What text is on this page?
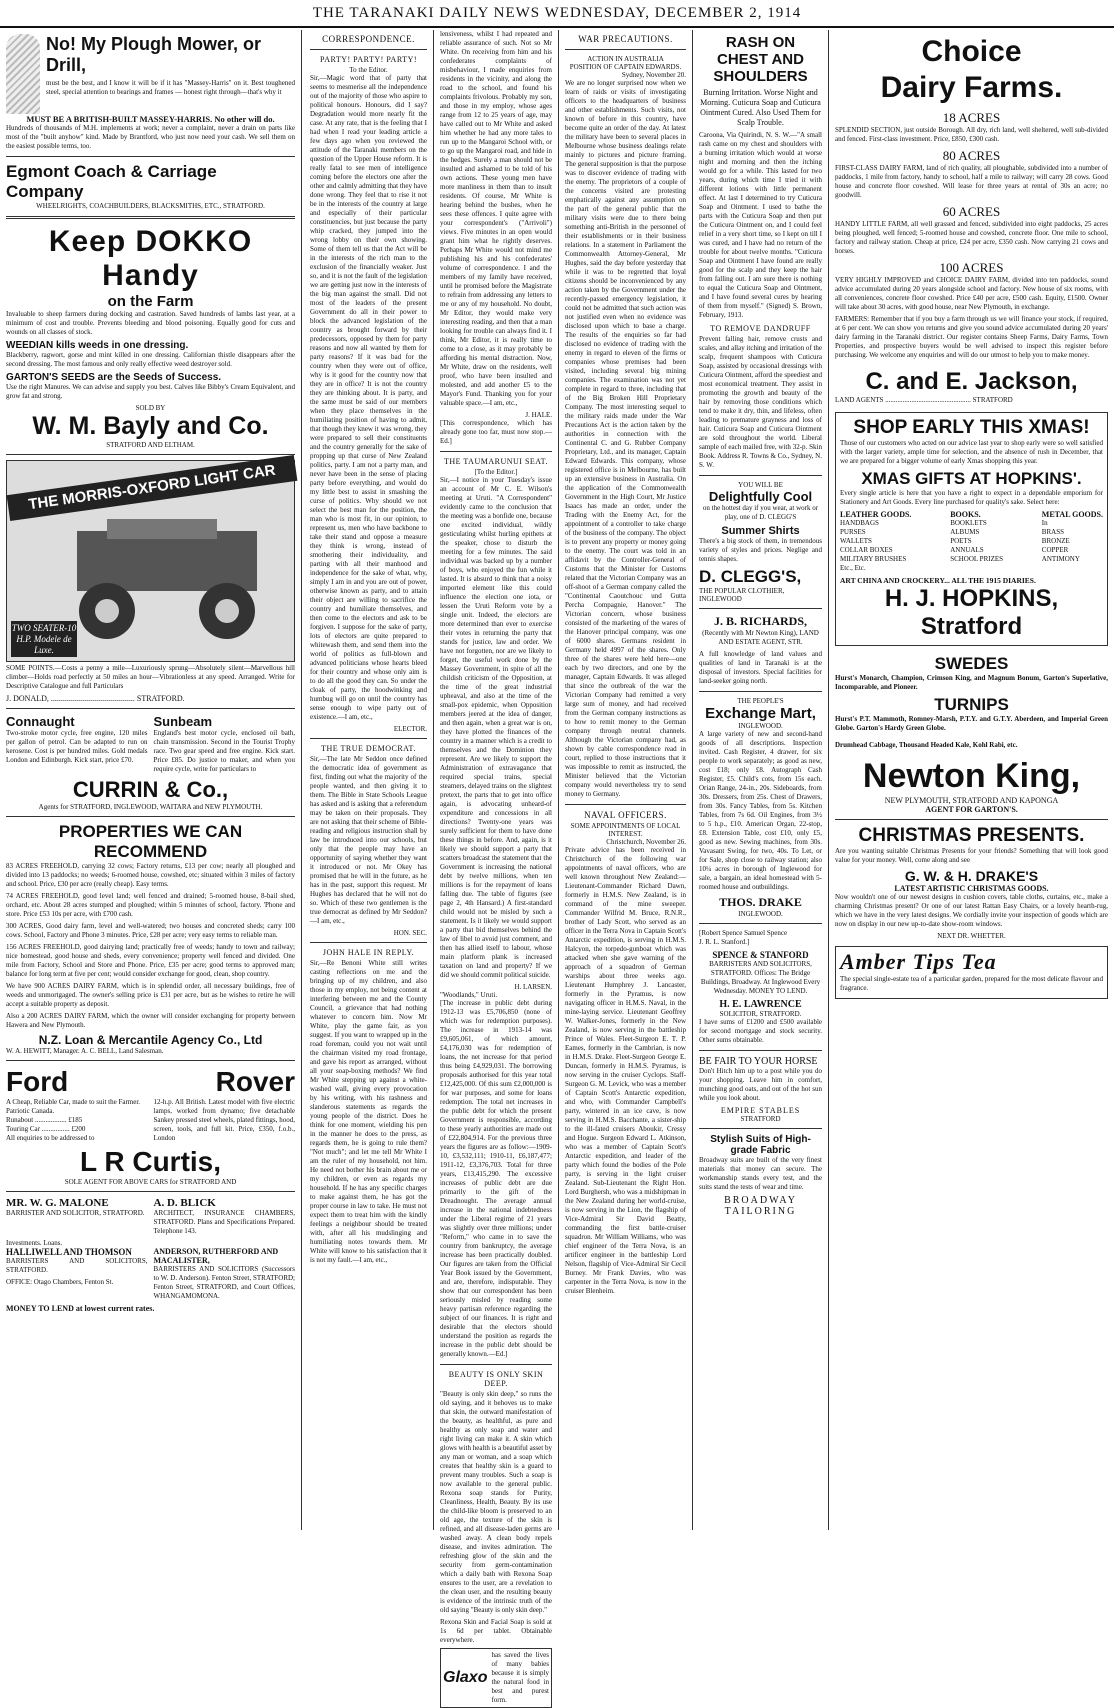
THE TARANAKI DAILY NEWS WEDNESDAY, DECEMBER 2, 1914
No! My Plough Mower, or Drill,
must be the best, and I know it will be if it has "Massey-Harris" on it. Best toughened steel, special attention to bearings and frames — honest right through—that's why it
MUST BE A BRITISH-BUILT MASSEY-HARRIS. No other will do.
Hundreds of thousands of M.H. implements at work; never a complaint, never a drain on parts like most of the "built anyhow" kind. Made by Brantford, who just now need your cash. We sell them on the easiest possible terms, too.
Egmont Coach & Carriage Company
WHEELRIGHTS, COACHBUILDERS, BLACKSMITHS, ETC., STRATFORD.
Keep DOKKO Handy
on the Farm
Invaluable to sheep farmers during docking and castration. Saved hundreds of lambs last year, at a minimum of cost and trouble. Prevents bleeding and blood poisoning. Equally good for cuts and wounds on all classes of stock.
WEEDIAN kills weeds in one dressing.
Blackberry, ragwort, gorse and mint killed in one dressing. Californian thistle disappears after the second dressing. The most famous and only really effective weed destroyer sold.
GARTON'S SEEDS are the Seeds of Success.
Use the right Manures. We can advise and supply you best. Calves like Bibby's Cream Equivalent, and grow fat and strong.
SOLD BY
W. M. Bayly and Co.
STRATFORD AND ELTHAM.
THE MORRIS-OXFORD LIGHT CAR
TWO SEATER-10 H.P. Modele de Luxe.
SOME POINTS.—Costs a penny a mile—Luxuriously sprung—Absolutely silent—Marvellous hill climber—Holds road perfectly at 50 miles an hour—Vibrationless at any speed. Arranged. Write for Descriptive Catalogue and full Particulars
J. DONALD, .......................................... STRATFORD.
Connaught
Two-stroke motor cycle, free engine, 120 miles per gallon of petrol. Can be adapted to run on kerosene. Cost is per hundred miles. Gold medals London and Edinburgh. Kick start, price £70.
Sunbeam
England's best motor cycle, enclosed oil bath, chain transmission. Second in the Tourist Trophy race. Two gear speed and free engine. Kick start. Price £85. Do justice to maker, and when you require cycle, write for particulars to
CURRIN & Co.,
Agents for STRATFORD, INGLEWOOD, WAITARA and NEW PLYMOUTH.
PROPERTIES WE CAN RECOMMEND
83 ACRES FREEHOLD, carrying 32 cows; Factory returns, £13 per cow; nearly all ploughed and divided into 13 paddocks; no weeds; 6-roomed house, cowshed, etc; situated within 3 miles of factory and school. Price, £30 per acre (really cheap). Easy terms.
74 ACRES FREEHOLD, good level land; well fenced and drained; 5-roomed house, 8-bail shed, orchard, etc. About 28 acres stumped and ploughed; within 5 minutes of school, factory. 'Phone and store. Price £53 10s per acre, with £700 cash.
300 ACRES, Good dairy farm, level and well-watered; two houses and concreted sheds; carry 100 cows. School, Factory and Phone 3 minutes. Price, £28 per acre; very easy terms to reliable man.
156 ACRES FREEHOLD, good dairying land; practically free of weeds; handy to town and railway; nice homestead, good house and sheds, every convenience; property well fenced and divided. One mile from Factory, School and Store and Phone. Price, £35 per acre; good terms to approved man; balance for long term at five per cent; would consider exchange for good, clean, shop country.
We have 900 ACRES DAIRY FARM, which is in splendid order, all necessary buildings, free of weeds and unmortgaged. The owner's selling price is £31 per acre, but as he wishes to retire he will accept a suitable property as deposit.
Also a 200 ACRES DAIRY FARM, which the owner will consider exchanging for property between Hawera and New Plymouth.
N.Z. Loan & Mercantile Agency Co., Ltd
W. A. HEWITT, Manager. A. C. BELL, Land Salesman.
Ford	Rover
A Cheap, Reliable Car, made to suit the Farmer.
Patriotic Canada.
Runabout .................. £185
Touring Car ................ £200
All enquiries to be addressed to
12-h.p. All British. Latest model with five electric lamps, worked from dynamo; five detachable Sankey pressed steel wheels, plated fittings, hood, screen, tools, and full kit. Price, £350, f.o.b., London
L R Curtis,
SOLE AGENT FOR ABOVE CARS for STRATFORD AND
MR. W. G. MALONE
BARRISTER AND SOLICITOR, STRATFORD.
A. D. BLICK
ARCHITECT, INSURANCE CHAMBERS, STRATFORD. Plans and Specifications Prepared. Telephone 143.
Investments. Loans.
HALLIWELL AND THOMSON
BARRISTERS AND SOLICITORS, STRATFORD.
OFFICE: Otago Chambers, Fenton St.
ANDERSON, RUTHERFORD AND MACALISTER,
BARRISTERS AND SOLICITORS (Successors to W. D. Anderson). Fenton Street, STRATFORD; Fenton Street, STRATFORD, and Court Offices, WHANGAMOMONA.
MONEY TO LEND at lowest current rates.
CORRESPONDENCE.
PARTY! PARTY! PARTY!
To the Editor.
Sir,—Magic word that of party that seems to mesmerise all the independence out of the majority of those who aspire to political honours. Honours, did I say? Degradation would more nearly fit the case. At any rate, that is the feeling that I had when I read your leading article a few days ago when you reviewed the attitude of the Taranaki members on the question of the Upper House reform. It is really fatal to see men of intelligence coming before the electors one after the other and calmly admitting that they have done wrong. They feel that to rise it not be in the interests of the country at large and especially of their particular constituencies, but just because the party whip cracked, they jumped into the wrong lobby on their own showing. Some of them tell us that the Act will be in the interests of the rich man to the exclusion of the financially weaker. Just so, and it is not the fault of the legislation we are getting just now in the interests of the big man against the small. Did not most of the leaders of the present Government do all in their power to block the advanced legislation of the country as brought forward by their predecessors, opposed by them for party reasons and now all wanted by them for party reasons? If it was bad for the country when they were out of office, why is it good for the country now that they are in office? It is not the country they are thinking about. It is party, and the same must be said of our members when they place themselves in the humiliating position of having to admit, that though they knew it was wrong, they were prepared to sell their constituents and the country generally for the sake of propping up that curse of New Zealand politics, party. I am not a party man, and never have been in the sense of placing party before everything, and would do my little best to assist in smashing the curse of politics. Why should we not select the best man for the position, the man who is most fit, in our opinion, to represent us, men who have backbone to take their stand and oppose a measure they think is wrong, instead of smothering their individuality, and parting with all their manhood and independence for the sake of what, why, simply I am in and you are out of power, otherwise known as party, and to attain their object are willing to sacrifice the country and humiliate themselves, and then come to the electors and ask to be forgiven. I suppose for the sake of party, lots of electors are quite prepared to whitewash them, and send them into the world of politics as full-blown and advanced politicians whose hearts bleed for their country and whose only aim is to do all the good they can. So under the cloak of party, the hoodwinking and humbug will go on until the country has sense enough to wipe party out of existence.—I am, etc.,
ELECTOR.
THE TRUE DEMOCRAT.
Sir,—The late Mr Seddon once defined the democratic idea of government as first, finding out what the majority of the people wanted, and then giving it to them. The Bible in State Schools League has asked and is asking that a referendum may be taken on their proposals. They are not asking that their scheme of Bible-reading and religious instruction shall by law be introduced into our schools, but only that the people may have an opportunity of saying whether they want it introduced or not. Mr Okey has promised that he will in the future, as he has in the past, support this request. Mr Hughes has declared that he will not do so. Which of these two gentlemen is the true democrat as defined by Mr Seddon?—I am, etc.,
HON. SEC.
JOHN HALE IN REPLY.
Sir,—Re Benoni White still writes casting reflections on me and the bringing up of my children, and also those in my employ, not being content at interfering between me and the County Council, a grievance that had nothing whatever to concern him. Now Mr White, play the game fair, as you suggest. If you want to wrapped up in the road foreman, could you not wait until the chairman visited my road frontage, and gave his report as arranged, without all your soap-boxing methods? We find Mr White stepping up against a white-washed wall, giving every provocation by his writing, with his rashness and slanderous statements as regards the young people of the district. Does he think for one moment, wielding his pen in the manner he does to the press, as regards them, he is going to rule them? "Not much"; and let me tell Mr White I am the ruler of my household, not him. He need not bother his brain about me or my children, or even as regards my household. If he has any specific charges to make against them, he has got the proper course in law to take. He must not expect them to treat him with the kindly feelings a neighbour should be treated with, after all his mudslinging and humiliating notes towards them. Mr White will know to his satisfaction that it is not my fault.—I am, etc.,
lensiveness, whilst I had repeated and reliable assurance of such. Not so Mr White. On receiving from him and his confederates complaints of misbehaviour, I made enquiries from residents in the vicinity, and along the road to the school, and found his complaints frivolous. Probably my son, and those in my employ, whose ages range from 12 to 25 years of age, may have called out to Mr White and asked him whether he had any more tales to run up to the Mangaroi School with, or to go up the Mangaroi road, and hide in the hedges. Surely a man should not be insulted and ashamed to be told of his own actions. These young men have more manliness in them than to insult residents. Of course, Mr White is hearing behind the bushes, when he sees these offences. I quite agree with your correspondent's ("Arrivoli") views. Five minutes in an open would grant him what he rightly deserves. Perhaps Mr White would not mind me publishing his and his confederates' volume of correspondence. I and the members of my family have received, until he promised before the Magistrate to refrain from addressing any letters to me or any of my household. No doubt, Mr Editor, they would make very interesting reading, and then that a man looking for trouble can always find it. I think, Mr Editor, it is really time to come to a close, as it may probably be affording his mental distraction. Now, Mr White, draw on the residents, well proof, who have been insulted and molested, and add another £5 to the Mayor's Fund. Thanking you for your valuable space.—I am, etc.,
J. HALE.
[This correspondence, which has already gone too far, must now stop.—Ed.]
THE TAUMARUNUI SEAT.
[To the Editor.]
Sir,—I notice in your Tuesday's issue an account of Mr C. E. Wilson's meeting at Uruti. "A Correspondent" evidently came to the conclusion that the meeting was a bonfide one, because one excited individual, wildly gesticulating whilst hurling epithets at the speaker, chose to disturb the meeting for a few minutes. The said individual was backed up by a number of boys, who enjoyed the fun while it lasted. It is absurd to think that a noisy imported element like this could influence the election one iota, or lessen the Uruti Reform vote by a single unit. Indeed, the electors are more determined than ever to exercise their votes in returning the party that stands for justice, law and order. We have not forgotten, nor are we likely to forget, the useful work done by the Massey Government, in spite of all the childish criticism of the Opposition, at the time of the great industrial upheaval, and also at the time of the small-pox epidemic, when Opposition members jeered at the idea of danger, and then again, when a great war is on, they have plotted the finances of the country in a manner which is a credit to themselves and the Dominion they represent. Are we likely to support the Administration of extravagance that required special trains, special steamers, delayed trains on the slightest pretext, the parts that to get into office again, is advocating unheard-of expenditure and concessions in all directions? Twenty-one years was surely sufficient for them to have done these things in before. And, again, is it likely we should support a party that scatters broadcast the statement that the Government is increasing the national debt by twelve millions, when ten millions is for the repayment of loans falling due. The table of figures (see page 2, 4th Hansard.) A first-standard child would not be misled by such a statement. Is it likely we would support a party that bid themselves behind the law of libel to avoid just comment, and then has allied itself to labour, whose main platform plank is increased taxation on land and property? If we did we should commit political suicide.
H. LARSEN.
"Woodlands," Uruti.
[The increase in public debt during 1912-13 was £5,706,850 (none of which was for redemption purposes). The increase in 1913-14 was £9,605,061, of which amount, £4,176,030 was for redemption of loans, the net increase for that period thus being £4,929,031. The borrowing proposals authorised for this year total £12,425,000. Of this sum £2,000,000 is for war purposes, and some for loans redemption. The total net increases in the public debt for which the present Government is responsible, according to these yearly authorities are made out of £22,804,914. For the previous three years the figures are as follow:—1909-10, £3,532,111; 1910-11, £6,187,477; 1911-12, £3,376,703. Total for three years, £13,415,290. The excessive increases of public debt are due primarily to the gift of the Dreadnought. The average annual increase in the national indebtedness under the Liberal regime of 21 years was slightly over three millions; under "Reform," who came in to save the country from bankruptcy, the average increase has been practically doubled. Our figures are taken from the Official Year Book issued by the Government, and are, therefore, indisputable. They show that our correspondent has been seriously misled by reading some heavy partisan reference regarding the subject of our finances. It is right and desirable that the electors should understand the position as regards the increase in the public debt should be generally known.—Ed.]
BEAUTY IS ONLY SKIN DEEP.
"Beauty is only skin deep," so runs the old saying, and it behoves us to make that skin, the outward manifestation of the beauty, as healthful, as pure and healthy as only soap and water and right living can make it. A skin which glows with health is a beautiful asset by any man or woman, and a soap which creates that healthy skin is a guard to prevent many troubles. Such a soap is now available to the general public. Rexona soap stands for Purity, Cleanliness, Health, Beauty. By its use the child-like bloom is preserved to an old age, the texture of the skin is refined, and all disease-laden germs are washed away. A clean body repels disease, and invites admiration. The refreshing glow of the skin and the security from germ-contamination which a daily bath with Rexona Soap ensures to the user, are a revelation to the clean user, and the resulting beauty is evidence of the intrinsic truth of the old saying "Beauty is only skin deep."
Rexona Skin and Facial Soap is sold at 1s 6d per tablet. Obtainable everywhere.
Glaxo
has saved the lives of many babies because it is simply the natural food in best and purest form.
WAR PRECAUTIONS.
ACTION IN AUSTRALIA
POSITION OF CAPTAIN EDWARDS.
Sydney, November 20.
We are no longer surprised now when we learn of raids or visits of investigating officers to the headquarters of business and other establishments. Such visits, not known of before in this country, have become quite an order of the day. At latest the military have been to several places in Melbourne whose business dealings relate mainly to pictures and picture framing. The general supposition is that the purpose was to discover evidence of trading with the enemy. The proprietors of a couple of the concerns visited are protesting emphatically against any assumption on the part of the general public that the military visits were due to there being something anti-British in the personnel of their establishments or in their business relations. In a statement in Parliament the Commonwealth Attorney-General, Mr Hughes, said the day before yesterday that while it was to be regretted that loyal citizens should be inconvenienced by any action taken by the Government under the recently-passed emergency legislation, it could not be admitted that such action was not justified even when no evidence was disclosed upon which to base a charge. The results of the enquiries so far had disclosed no evidence of trading with the enemy in regard to eleven of the firms or companies whose premises had been visited, including several big mining companies. The examination was not yet complete in regard to three, including that of the Big Broken Hill Proprietary Company. The most interesting sequel to the military raids made under the War Precautions Act is the action taken by the authorities in connection with the Continental C. and G. Rubber Company Proprietary, Ltd., and its manager, Captain Edward Edwards. This company, whose registered office is in Melbourne, has built up an extensive business in Australia. On the application of the Commonwealth Government in the High Court, Mr Justice Isaacs has made an order, under the Trading with the Enemy Act, for the appointment of a controller to take charge of the business of the company. The object is to prevent any property or money going to the enemy. The court was told in an affidavit by the Controller-General of Customs that the Minister for Customs related that the Victorian Company was an off-shoot of a German company called the "Continental Caoutchouc und Gutta Percha Compagnie, Hanover." The Victorian concern, whose business consisted of the marketing of the wares of the Hanover principal company, was one of 6000 shares. Germans resident in Germany held 4997 of the shares. Only three of the shares were held here—one each by two directors, and one by the manager, Captain Edwards. It was alleged that since the outbreak of the war the Victorian Company had remitted a very large sum of money, and had received from the German company instructions as to how to remit money to the German company through neutral channels. Although the Victorian company had, as shown by cable correspondence read in court, replied to those instructions that it was impossible to remit as instructed, the Minister believed that the Victorian company would nevertheless try to send money to Germany.
NAVAL OFFICERS.
SOME APPOINTMENTS OF LOCAL INTEREST.
Christchurch, November 26.
Private advice has been received in Christchurch of the following war appointments of naval officers, who are well known throughout New Zealand:—Lieutenant-Commander Richard Dawn, formerly in H.M.S. New Zealand, is in command of the mine sweeper. Commander Wilfrid M. Bruce, R.N.R., brother of Lady Scott, who served as an officer in the Terra Nova in Captain Scott's Antarctic expedition, is serving in H.M.S. Halcyon, the torpedo-gunboat which was attacked when she gave warning of the approach of a squadron of German warships about three weeks ago. Lieutenant Humphrey J. Lancaster, formerly in the Pyramus, is now navigating officer in H.M.S. Naval, in the mine-laying service. Lieutenant Geoffrey W. Walker-Jones, formerly in the New Zealand, is now serving in the battleship Prince of Wales. Fleet-Surgeon E. T. P. Eames, formerly in the Cambrian, is now in H.M.S. Drake. Fleet-Surgeon George E. Duncan, formerly in H.M.S. Pyramus, is now serving in the cruiser Cyclops. Staff-Surgeon G. M. Levick, who was a member of Captain Scott's Antarctic expedition, and who, with Commander Campbell's party, wintered in an ice cave, is now serving in H.M.S. Bacchante, a sister-ship to the ill-fated cruisers Aboukir, Cressy and Hogue. Surgeon Edward L. Atkinson, who was a member of Captain Scott's Antarctic expedition, and leader of the party which found the bodies of the Pole party, is serving in the light cruiser Zealand. Sub-Lieutenant the Right Hon. Lord Burghersh, who was a midshipman in the New Zealand during her world-cruise, is now serving in the Lion, the flagship of Vice-Admiral Sir David Beatty, commanding the first battle-cruiser squadron. Mr William Williams, who was chief engineer of the Terra Nova, is an artificer engineer in the battleship Lord Nelson, flagship of Vice-Admiral Sir Cecil Burney. Mr Frank Davies, who was carpenter in the Terra Nova, is now in the cruiser Blenheim.
RASH ON CHEST AND SHOULDERS
Burning Irritation. Worse Night and Morning. Cuticura Soap and Cuticura Ointment Cured. Also Used Them for Scalp Trouble.
Caroona, Via Quirindi, N. S. W.—"A small rash came on my chest and shoulders with a burning irritation which would at worse night and morning and then the itching would go for a while. This lasted for two years, during which time I tried it with different lotions with little permanent effect. At last I determined to try Cuticura Soap and Ointment. I used to bathe the parts with the Cuticura Soap and then put the Cuticura Ointment on, and I could feel relief in a very short time, so I kept on till I was cured, and I have had no return of the trouble for about twelve months. "Cuticura Soap and Ointment I have found are really good for the scalp and they keep the hair from falling out. I am sure there is nothing to equal the Cuticura Soap and Ointment, and I have found several cures by hearing of them from myself." (Signed) S. Brown, February, 1913.
TO REMOVE DANDRUFF
Prevent falling hair, remove crusts and scales, and allay itching and irritation of the scalp, frequent shampoos with Cuticura Soap, assisted by occasional dressings with Cuticura Ointment, afford the speediest and most economical treatment. They assist in promoting the growth and beauty of the hair by removing those conditions which tend to make it dry, thin, and lifeless, often leading to premature grayness and loss of hair. Cuticura Soap and Cuticura Ointment are sold throughout the world. Liberal sample of each mailed free, with 32-p. Skin Book. Address R. Towns & Co., Sydney, N. S. W.
YOU WILL BE
Delightfully Cool
on the hottest day if you wear, at work or play, one of D. CLEGG'S
Summer Shirts
There's a big stock of them, in tremendous variety of styles and prices. Neglige and tennis shapes.
D. CLEGG'S,
THE POPULAR CLOTHIER, INGLEWOOD
J. B. RICHARDS,
(Recently with Mr Newton King), LAND AND ESTATE AGENT, STR.
A full knowledge of land values and qualities of land in Taranaki is at the disposal of investors. Special facilities for land-seeker going north.
THE PEOPLE'S
Exchange Mart,
INGLEWOOD.
A large variety of new and second-hand goods of all descriptions. Inspection invited. Cash Register, 4 drawer, for six people to work separately; as good as new, cost £18; only £8. Autograph Cash Register, £5. Child's cots, from 15s each. Orian Range, 24-in., 20s. Sideboards, from 30s. Dressers, from 25s. Chest of Drawers, from 30s. Fancy Tables, from 5s. Kitchen Tables, from 7s 6d. Oil Engines, from 3½ to 5 h.p., £10. American Organ, 22-stop, £8. Extension Table, cost £10, only £5, good as new. Sewing machines, from 30s. Vavasant Swing, for two, 40s. To Let, or for Sale, shop close to railway station; also 10¼ acres in borough of Inglewood for sale, a bargain, an ideal homestead with 5-roomed house and outbuildings.
THOS. DRAKE
INGLEWOOD.
[Robert Spence Samuel Spence
J. R. L. Stanford.]
SPENCE & STANFORD
BARRISTERS AND SOLICITORS, STRATFORD. Offices: The Bridge Buildings, Broadway. At Inglewood Every Wednesday. MONEY TO LEND.
H. E. LAWRENCE
SOLICITOR, STRATFORD.
I have sums of £1200 and £500 available for second mortgage and stock security. Other sums obtainable.
BE FAIR TO YOUR HORSE
Don't Hitch him up to a post while you do your shopping. Leave him in comfort, munching good oats, and out of the hot sun while you look about.
EMPIRE STABLES
STRATFORD
Stylish Suits of High-grade Fabric
Broadway suits are built of the very finest materials that money can secure. The workmanship stands every test, and the suits stand the tests of wear and time.
BROADWAY TAILORING
Choice
Dairy Farms.
18 ACRES
SPLENDID SECTION, just outside Borough. All dry, rich land, well sheltered, well sub-divided and fenced. First-class investment. Price, £850, £300 cash.
80 ACRES
FIRST-CLASS DAIRY FARM, land of rich quality, all ploughable, subdivided into a number of paddocks, 1 mile from factory, handy to school, half a mile to railway; will carry 28 cows. Good house and concrete floor cowshed. Will lease for three years at rental of 30s an acre; no goodwill.
60 ACRES
HANDY LITTLE FARM, all well grassed and fenced, subdivided into eight paddocks, 25 acres being ploughed, well fenced; 5-roomed house and cowshed, concrete floor. One mile to school, factory and railway station. Cheap at price, £24 per acre, £350 cash. Now carrying 21 cows and horses.
100 ACRES
VERY HIGHLY IMPROVED and CHOICE DAIRY FARM, divided into ten paddocks, sound advice accumulated during 20 years alongside school and factory. New house of six rooms, with all conveniences, concrete floor cowshed. Price £40 per acre, £500 cash. Equity, £1500. Owner will take about 30 acres, with good house, near New Plymouth, in exchange.
FARMERS: Remember that if you buy a farm through us we will finance your stock, if required, at 6 per cent. We can show you returns and give you sound advice accumulated during 20 years' dairy farming in the Taranaki district. Our register contains Sheep Farms, Dairy Farms, Town Properties, and prospective buyers would be well advised to inspect this register before purchasing. We welcome any enquiries and will do our utmost to help you to make money.
C. and E. Jackson,
LAND AGENTS ................................................. STRATFORD
SHOP EARLY THIS XMAS!
Those of our customers who acted on our advice last year to shop early were so well satisfied with the larger variety, ample time for selection, and the absence of rush in December, that we are prepared for a bigger volume of early Xmas shopping this year.
XMAS GIFTS AT HOPKINS'.
Every single article is here that you have a right to expect in a dependable emporium for Stationery and Art Goods. Every line purchased for quality's sake. Select here:
LEATHER GOODS.
HANDBAGS
PURSES
WALLETS
COLLAR BOXES
MILITARY BRUSHES
Etc., Etc.
BOOKS.
BOOKLETS
ALBUMS
POETS
ANNUALS
SCHOOL PRIZES
METAL GOODS.
In
BRASS
BRONZE
COPPER
ANTIMONY
ART CHINA AND CROCKERY... ALL THE 1915 DIARIES.
H. J. HOPKINS, Stratford
SWEDES
Hurst's Monarch, Champion, Crimson King, and Magnum Bonum, Garton's Superlative, Incomparable, and Pioneer.
TURNIPS
Hurst's P.T. Mammoth, Romney-Marsh, P.T.Y. and G.T.Y. Aberdeen, and Imperial Green Globe. Garton's Hardy Green Globe.
Drumhead Cabbage, Thousand Headed Kale, Kohl Rabi, etc.
Newton King,
NEW PLYMOUTH, STRATFORD AND KAPONGA
AGENT FOR GARTON'S.
CHRISTMAS PRESENTS.
Are you wanting suitable Christmas Presents for your friends? Something that will look good value for your money. Well, come along and see
G. W. & H. DRAKE'S
LATEST ARTISTIC CHRISTMAS GOODS.
Now wouldn't one of our newest designs in cushion covers, table cloths, curtains, etc., make a charming Christmas present? Or one of our latest Rattan Easy Chairs, or a lovely hearth-rug, which we have in the very latest designs. We cordially invite your inspection of goods which are now on display in our new up-to-date show-room windows.
NEXT DR. WHETTER.
Amber Tips Tea
The special single-estate tea of a particular garden, prepared for the most delicate flavour and fragrance.
